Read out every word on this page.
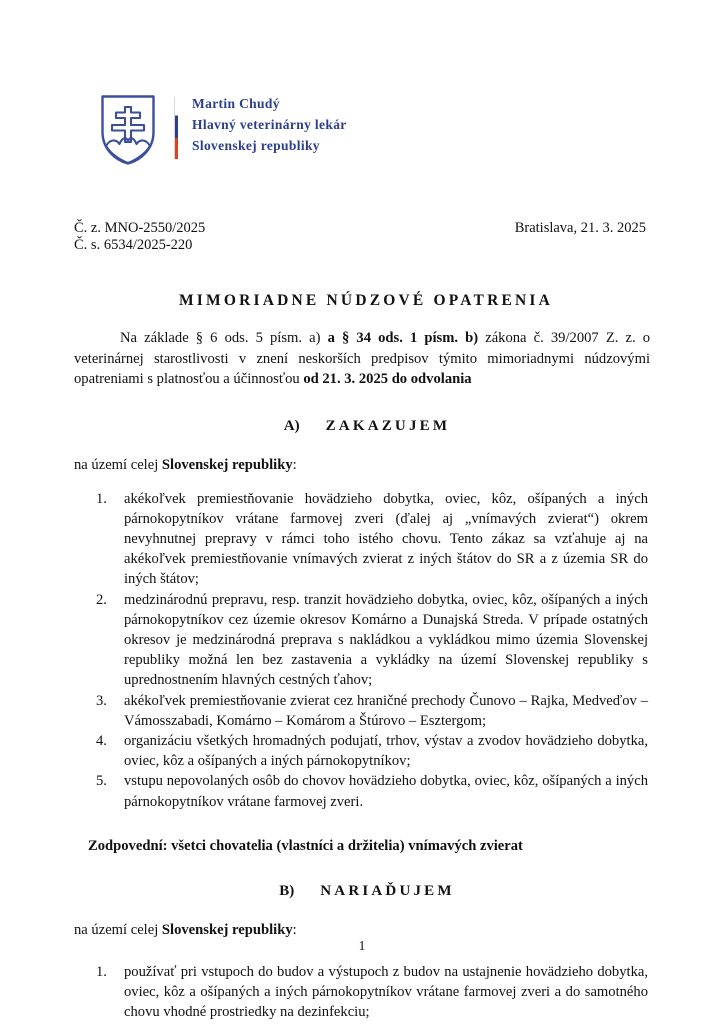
Martin Chudý
Hlavný veterinárny lekár
Slovenskej republiky
Č. z. MNO-2550/2025
Č. s. 6534/2025-220
Bratislava, 21. 3. 2025
MIMORIADNE NÚDZOVÉ OPATRENIA

Na základe § 6 ods. 5 písm. a) a § 34 ods. 1 písm. b) zákona č. 39/2007 Z. z. o veterinárnej starostlivosti v znení neskorších predpisov týmito mimoriadnymi núdzovými opatreniami s platnosťou a účinnosťou od 21. 3. 2025 do odvolania

A) ZAKAZUJEM
na území celej Slovenskej republiky:
1.	akékoľvek premiestňovanie hovädzieho dobytka, oviec, kôz, ošípaných a iných párnokopytníkov vrátane farmovej zveri (ďalej aj „vnímavých zvierat“) okrem nevyhnutnej prepravy v rámci toho istého chovu. Tento zákaz sa vzťahuje aj na akékoľvek premiestňovanie vnímavých zvierat z iných štátov do SR a z územia SR do iných štátov;
2.	medzinárodnú prepravu, resp. tranzit hovädzieho dobytka, oviec, kôz, ošípaných a iných párnokopytníkov cez územie okresov Komárno a Dunajská Streda. V prípade ostatných okresov je medzinárodná preprava s nakládkou a vykládkou mimo územia Slovenskej republiky možná len bez zastavenia a vykládky na území Slovenskej republiky s uprednostnením hlavných cestných ťahov;
3.	akékoľvek premiestňovanie zvierat cez hraničné prechody Čunovo – Rajka, Medveďov – Vámosszabadi, Komárno – Komárom a Štúrovo – Esztergom;
4.	organizáciu všetkých hromadných podujatí, trhov, výstav a zvodov hovädzieho dobytka, oviec, kôz a ošípaných a iných párnokopytníkov;
5.	vstupu nepovolaných osôb do chovov hovädzieho dobytka, oviec, kôz, ošípaných a iných párnokopytníkov vrátane farmovej zveri.
Zodpovední: všetci chovatelia (vlastníci a držitelia) vnímavých zvierat
B) NARIAĎUJEM
na území celej Slovenskej republiky:
1.	používať pri vstupoch do budov a výstupoch z budov na ustajnenie hovädzieho dobytka, oviec, kôz a ošípaných a iných párnokopytníkov vrátane farmovej zveri a do samotného chovu vhodné prostriedky na dezinfekciu;
1
